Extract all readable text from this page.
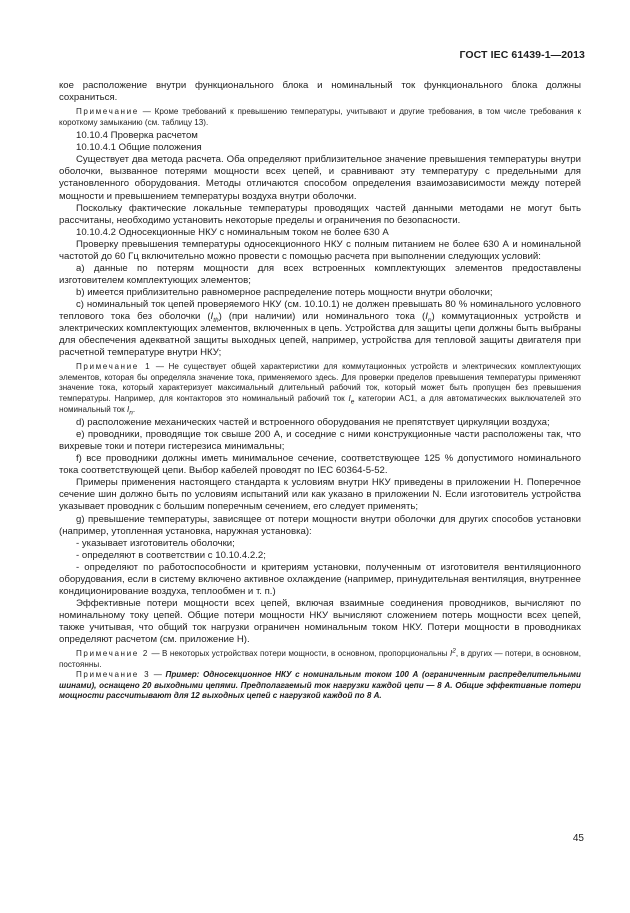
ГОСТ IEC 61439-1—2013

кое расположение внутри функционального блока и номинальный ток функционального блока должны сохраниться.

Примечание — Кроме требований к превышению температуры, учитывают и другие требования, в том числе требования к короткому замыканию (см. таблицу 13).

10.10.4 Проверка расчетом

10.10.4.1 Общие положения

Существует два метода расчета. Оба определяют приблизительное значение превышения температуры внутри оболочки, вызванное потерями мощности всех цепей, и сравнивают эту температуру с предельными для установленного оборудования. Методы отличаются способом определения взаимозависимости между потерей мощности и превышением температуры воздуха внутри оболочки.

Поскольку фактические локальные температуры проводящих частей данными методами не могут быть рассчитаны, необходимо установить некоторые пределы и ограничения по безопасности.

10.10.4.2 Односекционные НКУ с номинальным током не более 630 А

Проверку превышения температуры односекционного НКУ с полным питанием не более 630 А и номинальной частотой до 60 Гц включительно можно провести с помощью расчета при выполнении следующих условий:

a) данные по потерям мощности для всех встроенных комплектующих элементов предоставлены изготовителем комплектующих элементов;

b) имеется приблизительно равномерное распределение потерь мощности внутри оболочки;

c) номинальный ток цепей проверяемого НКУ (см. 10.10.1) не должен превышать 80 % номинального условного теплового тока без оболочки $(I_{th})$ (при наличии) или номинального тока $(I_n)$ коммутационных устройств и электрических комплектующих элементов, включенных в цепь. Устройства для защиты цепи должны быть выбраны для обеспечения адекватной защиты выходных цепей, например, устройства для тепловой защиты двигателя при расчетной температуре внутри НКУ;

Примечание 1 — Не существует общей характеристики для коммутационных устройств и электрических комплектующих элементов, которая бы определяла значение тока, применяемого здесь. Для проверки пределов превышения температуры применяют значение тока, который характеризует максимальный длительный рабочий ток, который может быть пропущен без превышения температуры. Например, для контакторов это номинальный рабочий ток $I_e$ категории AC1, а для автоматических выключателей это номинальный ток $I_n$.

d) расположение механических частей и встроенного оборудования не препятствует циркуляции воздуха;

e) проводники, проводящие ток свыше 200 А, и соседние с ними конструкционные части расположены так, что вихревые токи и потери гистерезиса минимальны;

f) все проводники должны иметь минимальное сечение, соответствующее 125 % допустимого номинального тока соответствующей цепи. Выбор кабелей проводят по IEC 60364-5-52.

Примеры применения настоящего стандарта к условиям внутри НКУ приведены в приложении H. Поперечное сечение шин должно быть по условиям испытаний или как указано в приложении N. Если изготовитель устройства указывает проводник с большим поперечным сечением, его следует применять;

g) превышение температуры, зависящее от потери мощности внутри оболочки для других способов установки (например, утопленная установка, наружная установка):

- указывает изготовитель оболочки;

- определяют в соответствии с 10.10.4.2.2;

- определяют по работоспособности и критериям установки, полученным от изготовителя вентиляционного оборудования, если в систему включено активное охлаждение (например, принудительная вентиляция, внутреннее кондиционирование воздуха, теплообмен и т. п.)

Эффективные потери мощности всех цепей, включая взаимные соединения проводников, вычисляют по номинальному току цепей. Общие потери мощности НКУ вычисляют сложением потерь мощности всех цепей, также учитывая, что общий ток нагрузки ограничен номинальным током НКУ. Потери мощности в проводниках определяют расчетом (см. приложение H).

Примечание 2 — В некоторых устройствах потери мощности, в основном, пропорциональны $I^2$, в других — потери, в основном, постоянны.

Примечание 3 — Пример: Односекционное НКУ с номинальным током 100 А (ограниченным распределительными шинами), оснащено 20 выходными цепями. Предполагаемый ток нагрузки каждой цепи — 8 А. Общие эффективные потери мощности рассчитывают для 12 выходных цепей с нагрузкой каждой по 8 А.

45
